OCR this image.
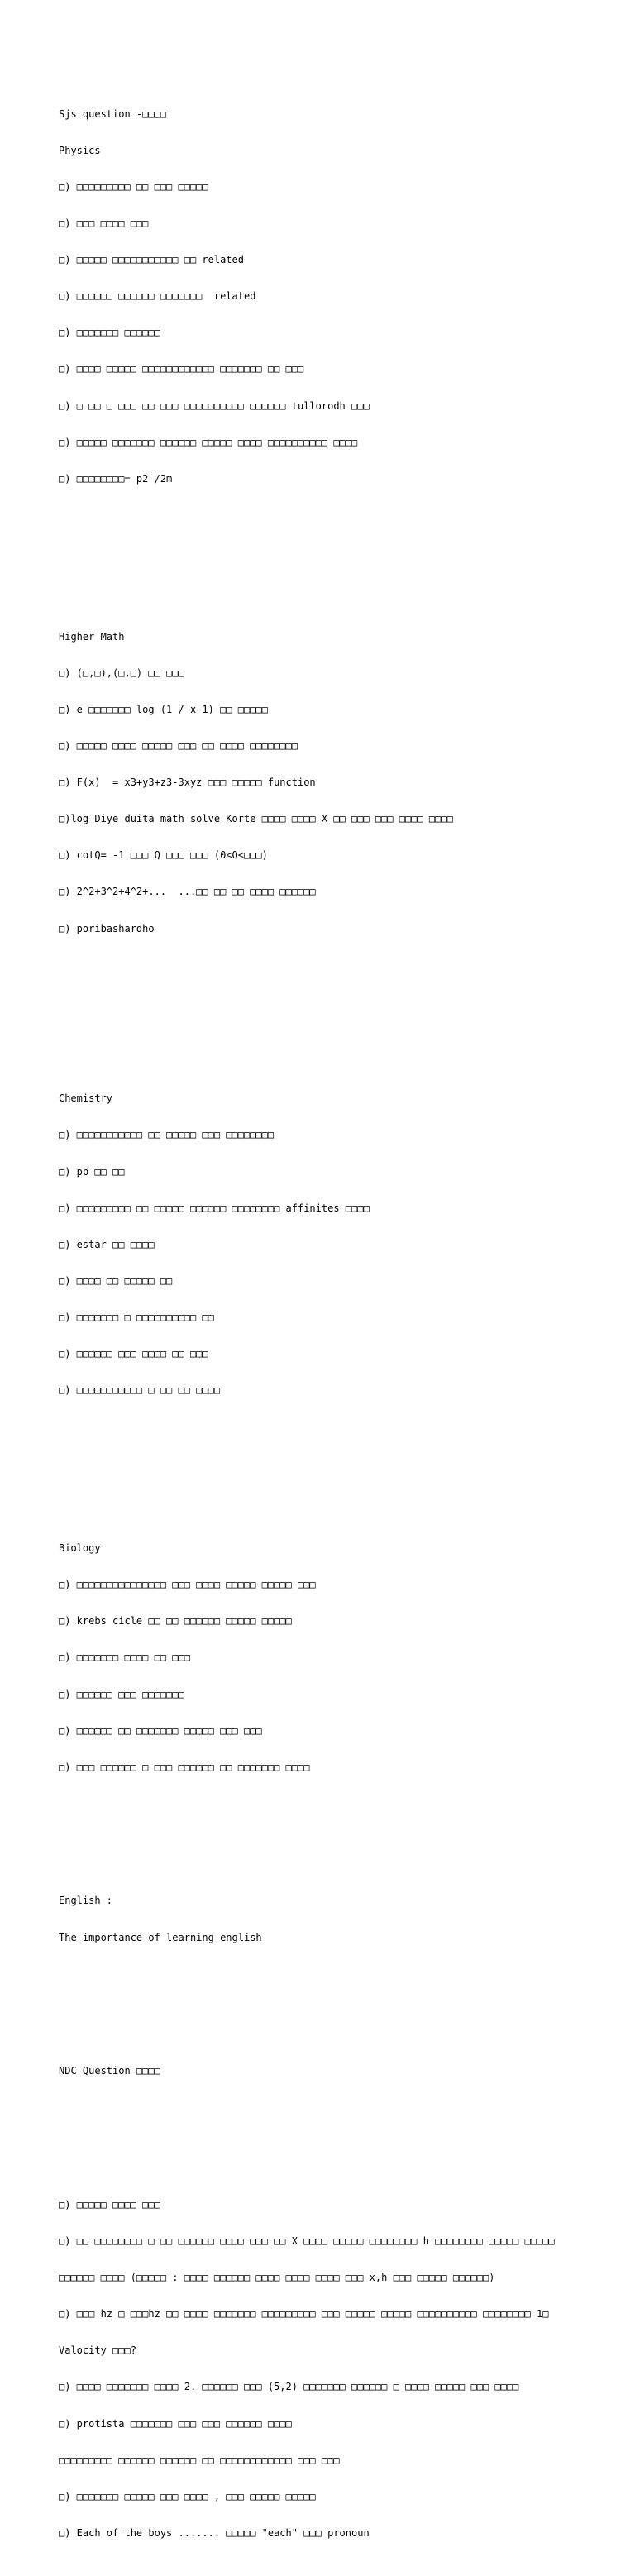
Sjs question -□□□□

Physics

□) □□□□□□□□□ □□ □□□ □□□□□

□) □□□ □□□□ □□□

□) □□□□□ □□□□□□□□□□□ □□ related

□) □□□□□□ □□□□□□ □□□□□□□  related

□) □□□□□□□ □□□□□□

□) □□□□ □□□□□ □□□□□□□□□□□□ □□□□□□□ □□ □□□

□) □ □□ □ □□□ □□ □□□ □□□□□□□□□□ □□□□□□ tullorodh □□□

□) □□□□□ □□□□□□□ □□□□□□ □□□□□ □□□□ □□□□□□□□□□ □□□□

□) □□□□□□□□= p2 /2m

Higher Math

□) (□,□),(□,□) □□ □□□

□) e □□□□□□□ log (1 / x-1) □□ □□□□□

□) □□□□□ □□□□ □□□□□ □□□ □□ □□□□ □□□□□□□□

□) F(x)  = x3+y3+z3-3xyz □□□ □□□□□ function

□)log Diye duita math solve Korte □□□□ □□□□ X □□ □□□ □□□ □□□□ □□□□

□) cotQ= -1 □□□ Q □□□ □□□ (0<Q<□□□)

□) 2^2+3^2+4^2+...  ...□□ □□ □□ □□□□ □□□□□□

□) poribashardho

Chemistry

□) □□□□□□□□□□□ □□ □□□□□ □□□ □□□□□□□□

□) pb □□ □□

□) □□□□□□□□□ □□ □□□□□ □□□□□□ □□□□□□□□ affinites □□□□

□) estar □□ □□□□

□) □□□□ □□ □□□□□ □□

□) □□□□□□□ □ □□□□□□□□□□ □□

□) □□□□□□ □□□ □□□□ □□ □□□

□) □□□□□□□□□□□ □ □□ □□ □□□□

Biology

□) □□□□□□□□□□□□□□□ □□□ □□□□ □□□□□ □□□□□ □□□

□) krebs cicle □□ □□ □□□□□□ □□□□□ □□□□□

□) □□□□□□□ □□□□ □□ □□□

□) □□□□□□ □□□ □□□□□□□

□) □□□□□□ □□ □□□□□□□ □□□□□ □□□ □□□

□) □□□ □□□□□□ □ □□□ □□□□□□ □□ □□□□□□□ □□□□

English :

The importance of learning english

NDC Question □□□□

□) □□□□□ □□□□ □□□

□) □□ □□□□□□□□ □ □□ □□□□□□ □□□□ □□□ □□ X □□□□ □□□□□ □□□□□□□□ h □□□□□□□□ □□□□□ □□□□□

□□□□□□ □□□□ (□□□□□ : □□□□ □□□□□□ □□□□ □□□□ □□□□ □□□ x,h □□□ □□□□□ □□□□□□)

□) □□□ hz □ □□□hz □□ □□□□ □□□□□□□ □□□□□□□□□ □□□ □□□□□ □□□□□ □□□□□□□□□□ □□□□□□□□ 1□

Valocity □□□?

□) □□□□ □□□□□□□ □□□□ 2. □□□□□□ □□□ (5,2) □□□□□□□ □□□□□□ □ □□□□ □□□□□ □□□ □□□□

□) protista □□□□□□□ □□□ □□□ □□□□□□ □□□□

□□□□□□□□□ □□□□□□ □□□□□□ □□ □□□□□□□□□□□□ □□□ □□□

□) □□□□□□□ □□□□□ □□□ □□□□ , □□□ □□□□□ □□□□□

□) Each of the boys ....... □□□□□ "each" □□□ pronoun
